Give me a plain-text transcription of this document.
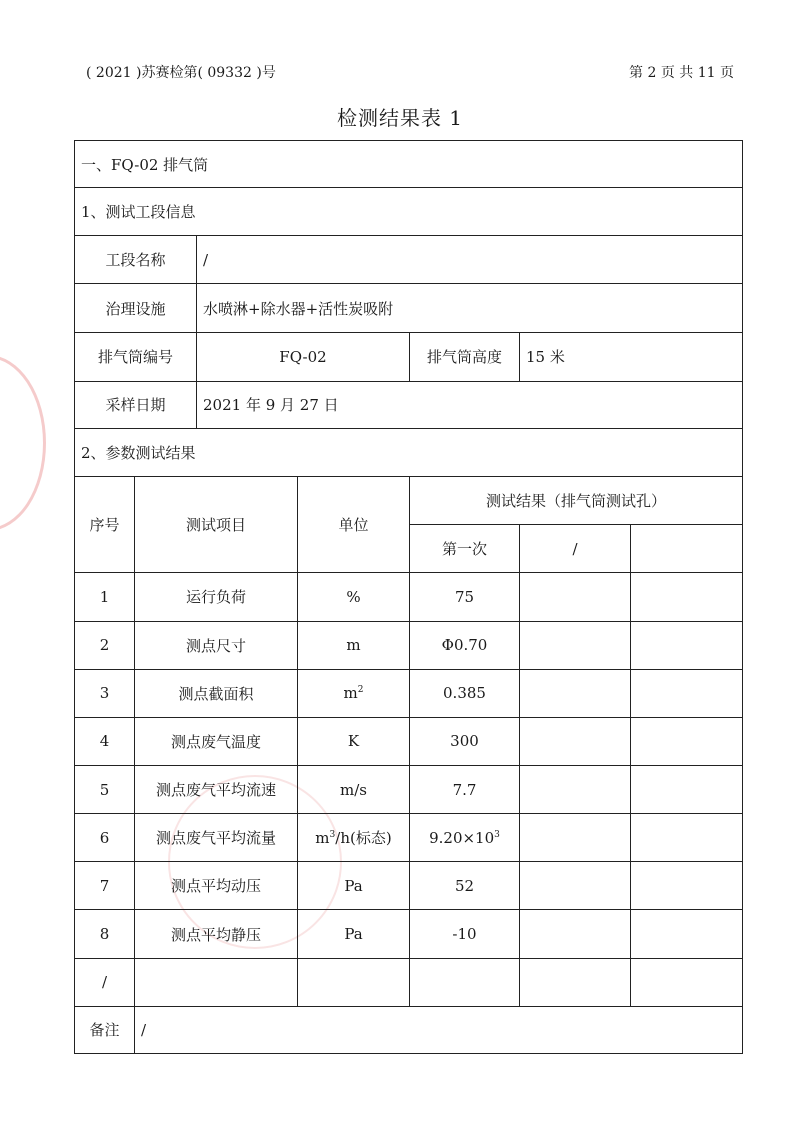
( 2021 )苏赛检第( 09332 )号	第 2 页 共 11 页
检测结果表 1
一、FQ-02 排气筒						
1、测试工段信息						
工段名称		/				
治理设施		水喷淋+除水器+活性炭吸附				
排气筒编号		FQ-02		排气筒高度	15 米	
采样日期		2021 年 9 月 27 日				
2、参数测试结果						
序号	测试项目		单位	测试结果（排气筒测试孔）		
				第一次	/	
1	运行负荷		%	75		
2	测点尺寸		m	Φ0.70		
3	测点截面积		$m^2$	0.385		
4	测点废气温度		K	300		
5	测点废气平均流速		m/s	7.7		
6	测点废气平均流量		$m^3/h$(标态)	$9.20\times 10^3$		
7	测点平均动压		Pa	52		
8	测点平均静压		Pa	-10		
/						
备注	/					
